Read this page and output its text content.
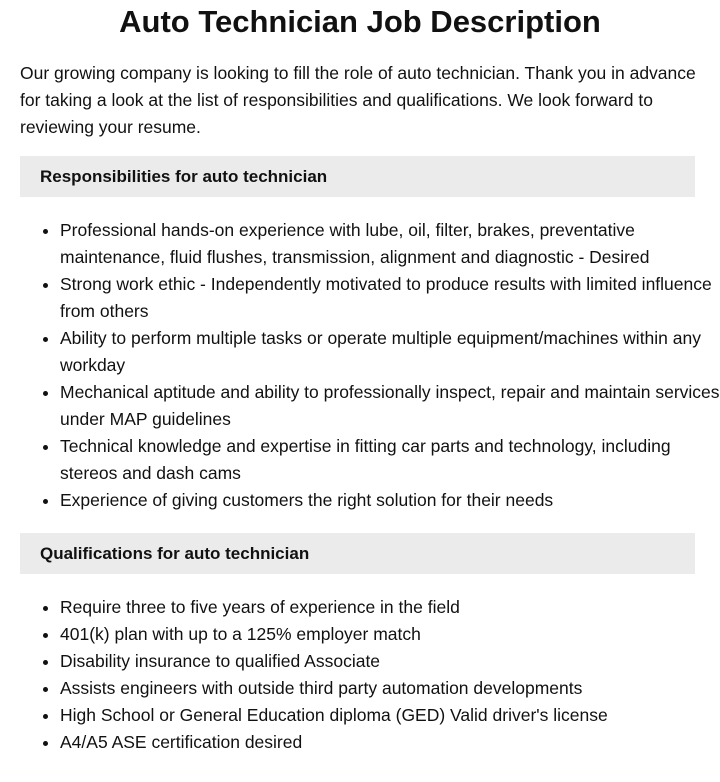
Auto Technician Job Description

Our growing company is looking to fill the role of auto technician. Thank you in advance for taking a look at the list of responsibilities and qualifications. We look forward to reviewing your resume.

Responsibilities for auto technician
• Professional hands-on experience with lube, oil, filter, brakes, preventative maintenance, fluid flushes, transmission, alignment and diagnostic - Desired
• Strong work ethic - Independently motivated to produce results with limited influence from others
• Ability to perform multiple tasks or operate multiple equipment/machines within any workday
• Mechanical aptitude and ability to professionally inspect, repair and maintain services under MAP guidelines
• Technical knowledge and expertise in fitting car parts and technology, including stereos and dash cams
• Experience of giving customers the right solution for their needs
Qualifications for auto technician
• Require three to five years of experience in the field
• 401(k) plan with up to a 125% employer match
• Disability insurance to qualified Associate
• Assists engineers with outside third party automation developments
• High School or General Education diploma (GED) Valid driver's license
• A4/A5 ASE certification desired
